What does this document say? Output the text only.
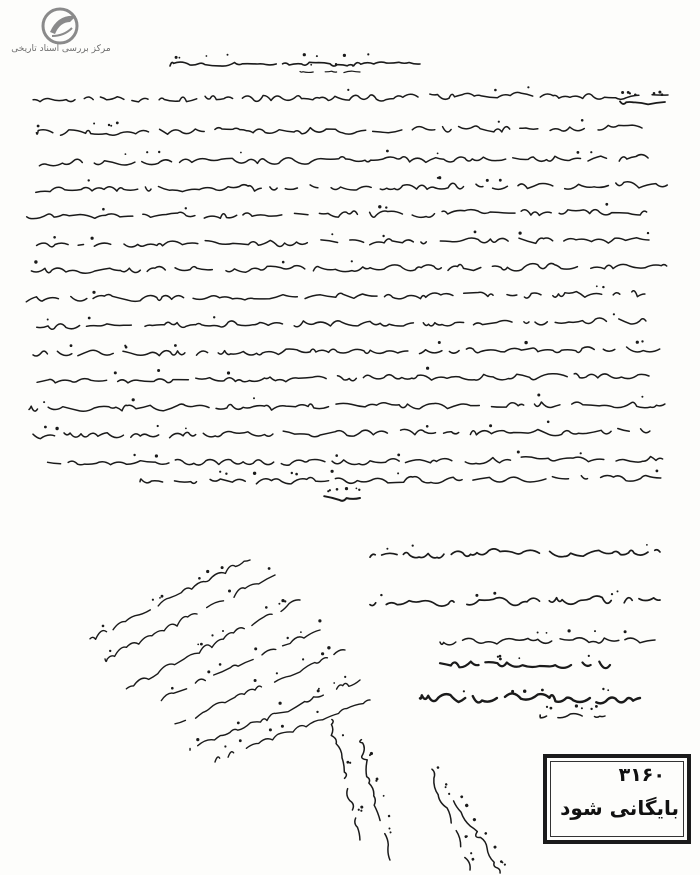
مرکز بررسی اسناد تاریخی
۳۱۶۰
بایگانی شود
